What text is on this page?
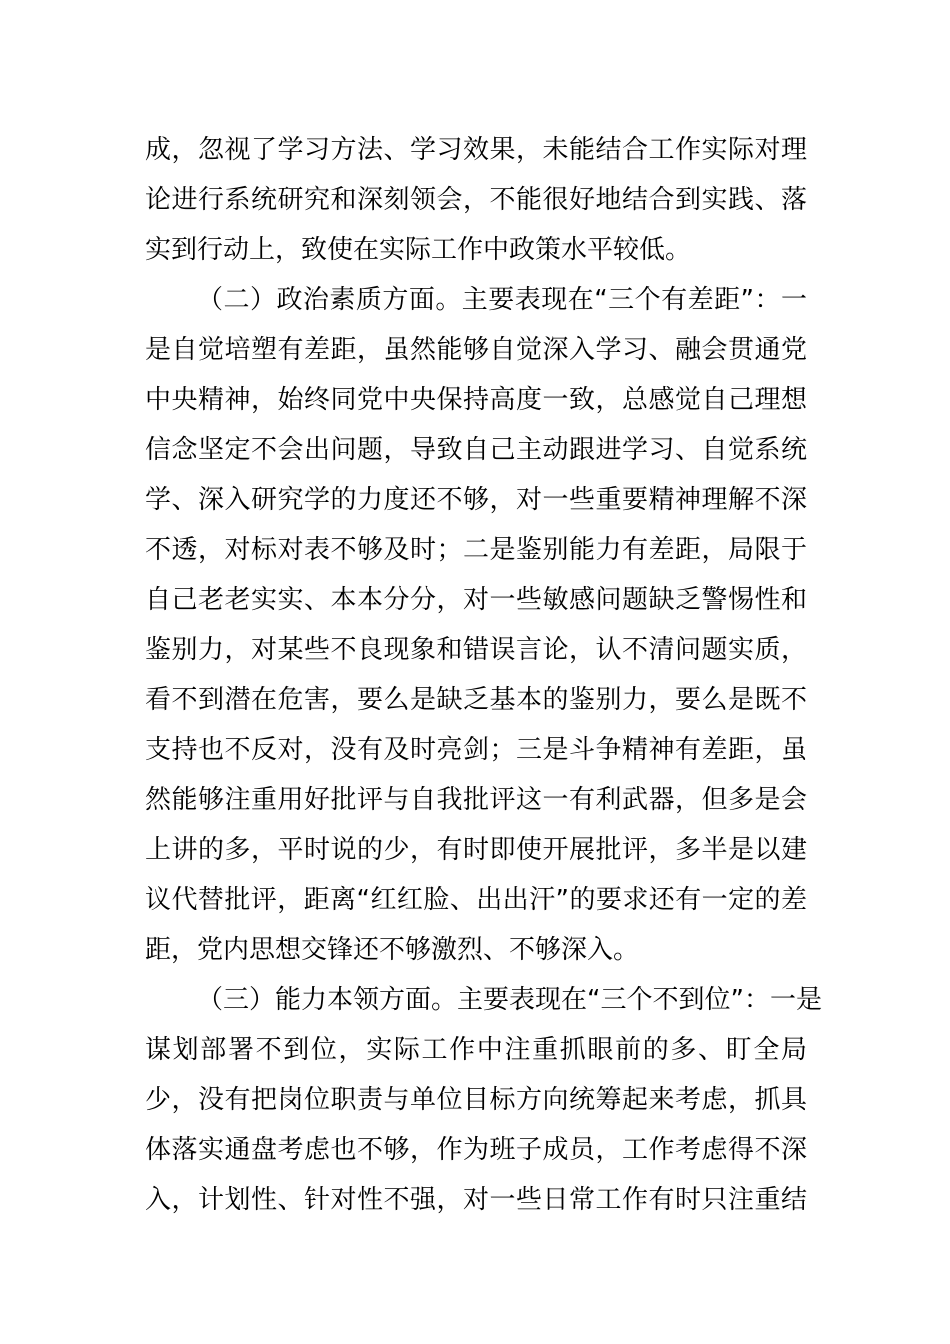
成，忽视了学习方法、学习效果，未能结合工作实际对理
论进行系统研究和深刻领会，不能很好地结合到实践、落
实到行动上，致使在实际工作中政策水平较低。
（二）政治素质方面。主要表现在“三个有差距”：一
是自觉培塑有差距，虽然能够自觉深入学习、融会贯通党
中央精神，始终同党中央保持高度一致，总感觉自己理想
信念坚定不会出问题，导致自己主动跟进学习、自觉系统
学、深入研究学的力度还不够，对一些重要精神理解不深
不透，对标对表不够及时；二是鉴别能力有差距，局限于
自己老老实实、本本分分，对一些敏感问题缺乏警惕性和
鉴别力，对某些不良现象和错误言论，认不清问题实质，
看不到潜在危害，要么是缺乏基本的鉴别力，要么是既不
支持也不反对，没有及时亮剑；三是斗争精神有差距，虽
然能够注重用好批评与自我批评这一有利武器，但多是会
上讲的多，平时说的少，有时即使开展批评，多半是以建
议代替批评，距离“红红脸、出出汗”的要求还有一定的差
距，党内思想交锋还不够激烈、不够深入。
（三）能力本领方面。主要表现在“三个不到位”：一是
谋划部署不到位，实际工作中注重抓眼前的多、盯全局
少，没有把岗位职责与单位目标方向统筹起来考虑，抓具
体落实通盘考虑也不够，作为班子成员，工作考虑得不深
入，计划性、针对性不强，对一些日常工作有时只注重结
